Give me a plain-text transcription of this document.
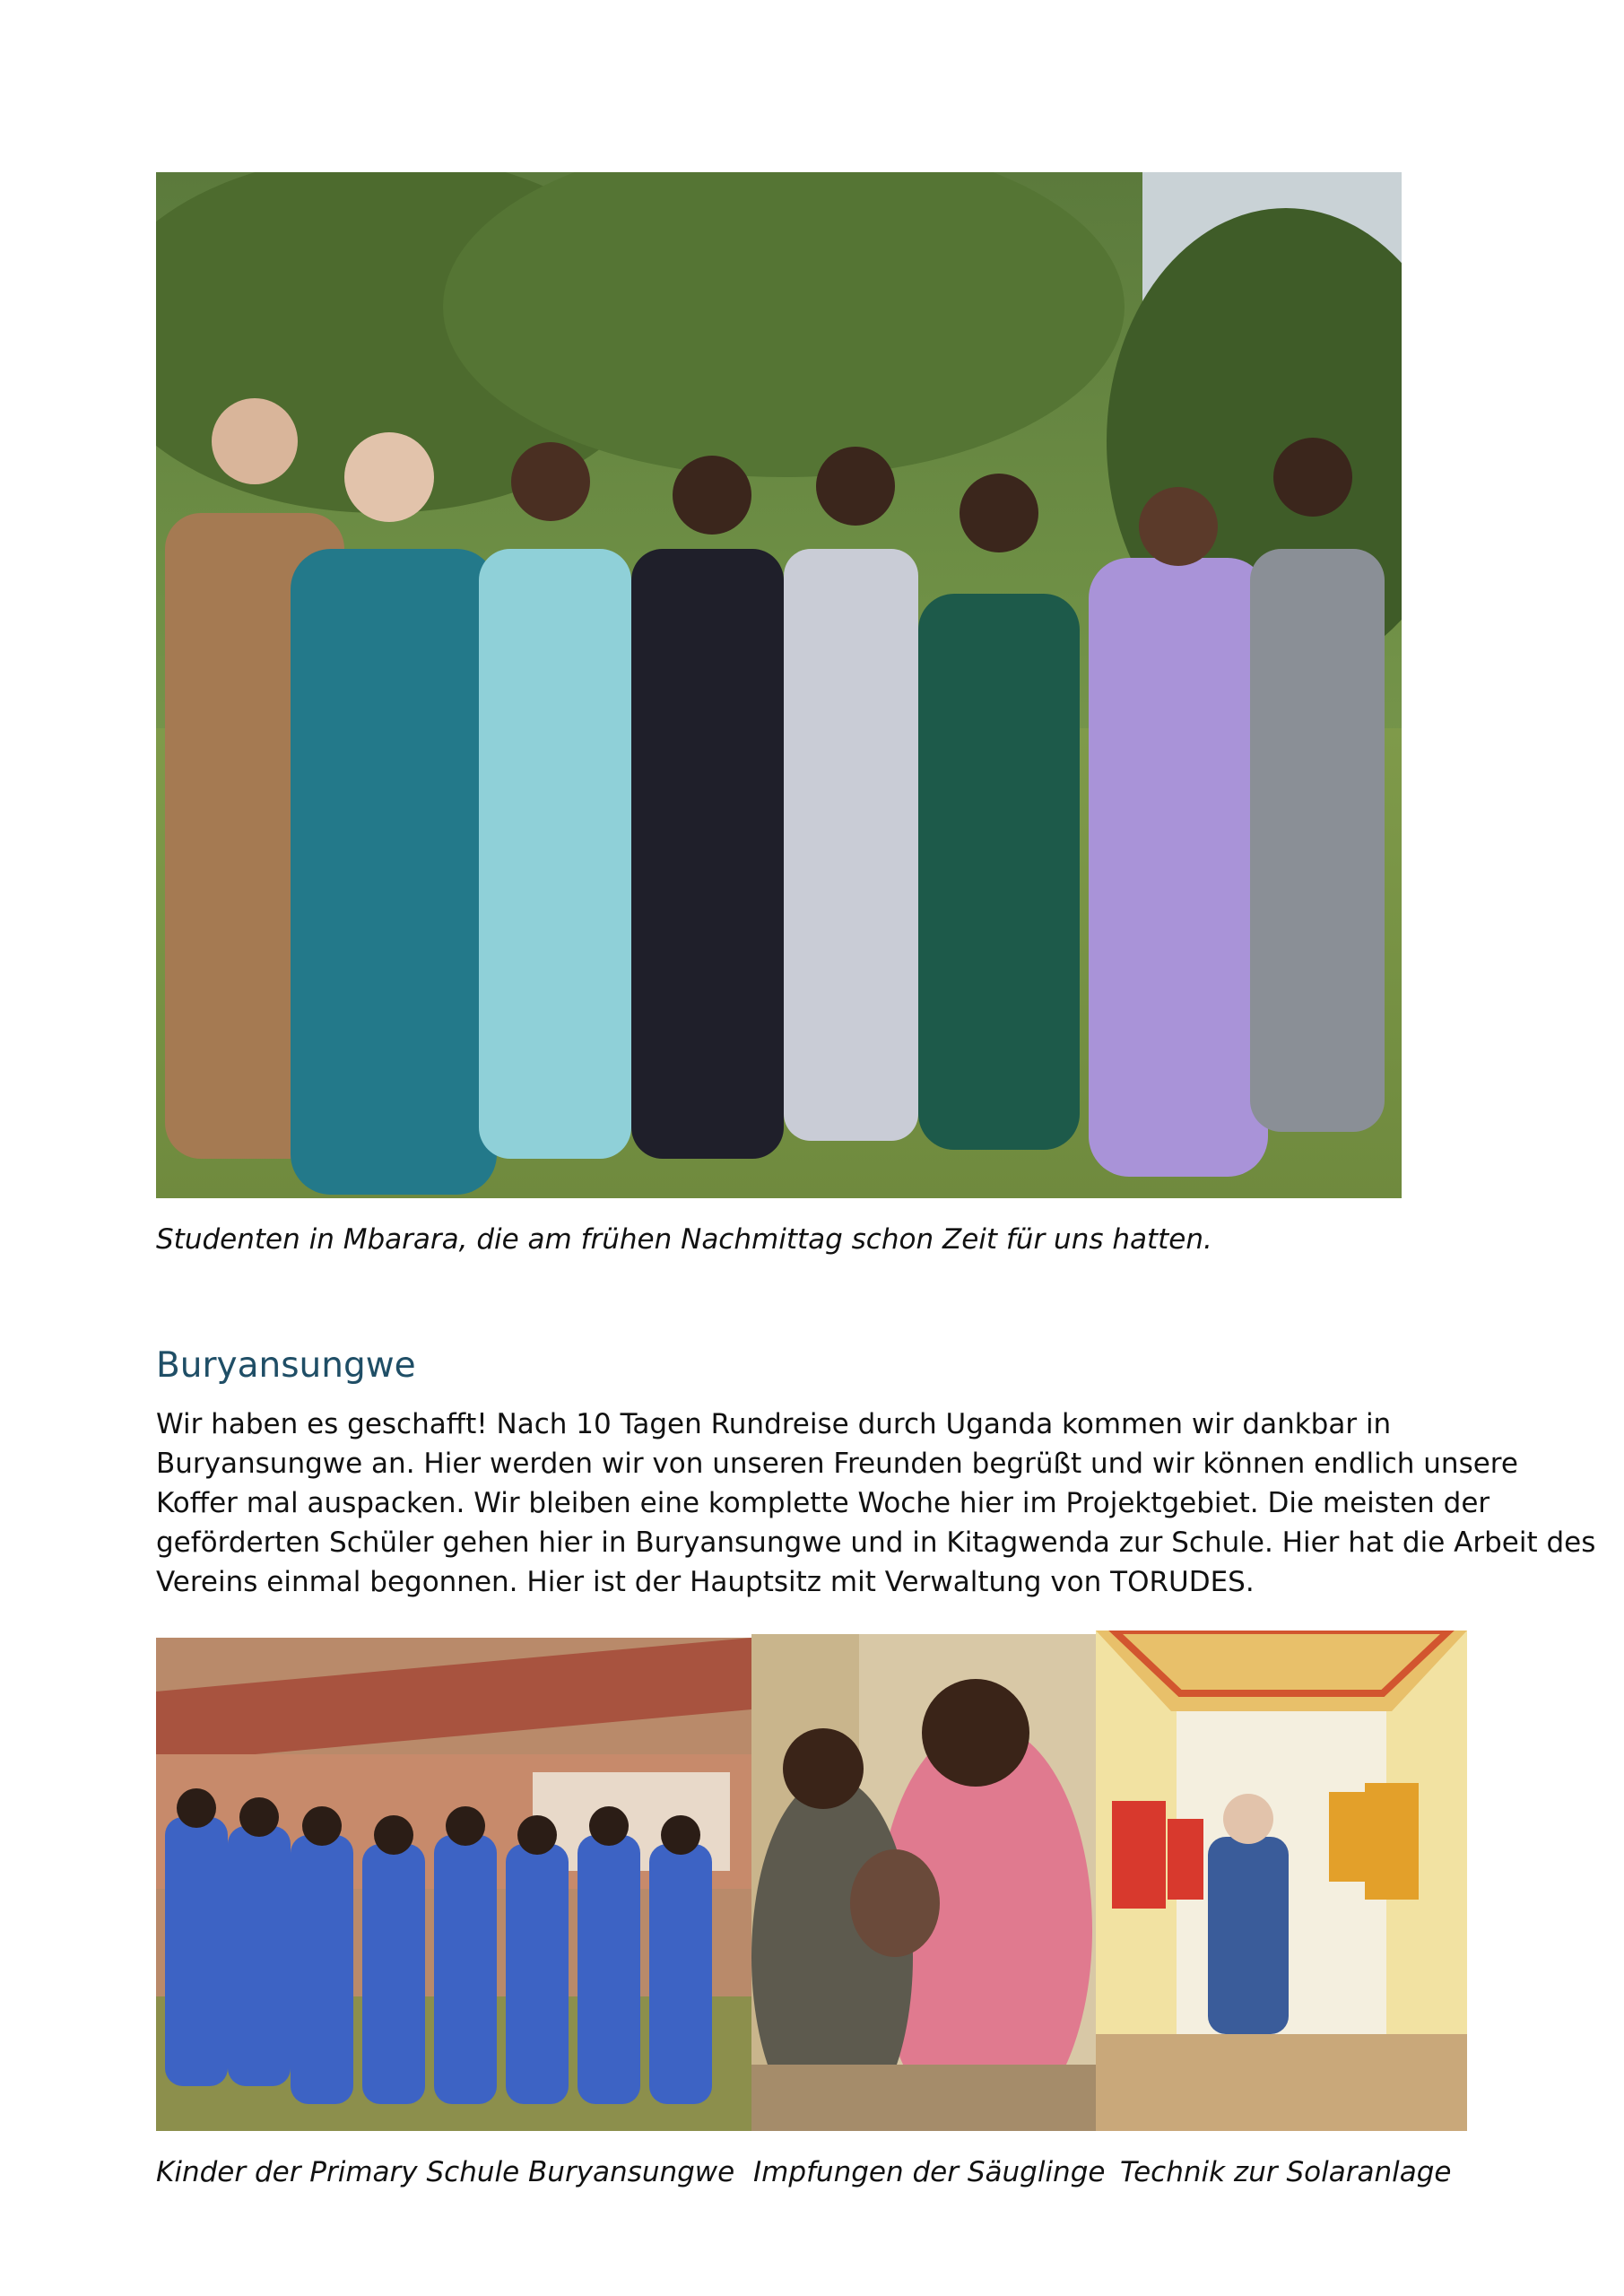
Studenten in Mbarara, die am frühen Nachmittag schon Zeit für uns hatten.
Buryansungwe

Wir haben es geschafft! Nach 10 Tagen Rundreise durch Uganda kommen wir dankbar in
Buryansungwe an. Hier werden wir von unseren Freunden begrüßt und wir können endlich unsere
Koffer mal auspacken. Wir bleiben eine komplette Woche hier im Projektgebiet. Die meisten der
geförderten Schüler gehen hier in Buryansungwe und in Kitagwenda zur Schule. Hier hat die Arbeit des
Vereins einmal begonnen. Hier ist der Hauptsitz mit Verwaltung von TORUDES.

Kinder der Primary Schule Buryansungwe Impfungen der Säuglinge Technik zur Solaranlage
